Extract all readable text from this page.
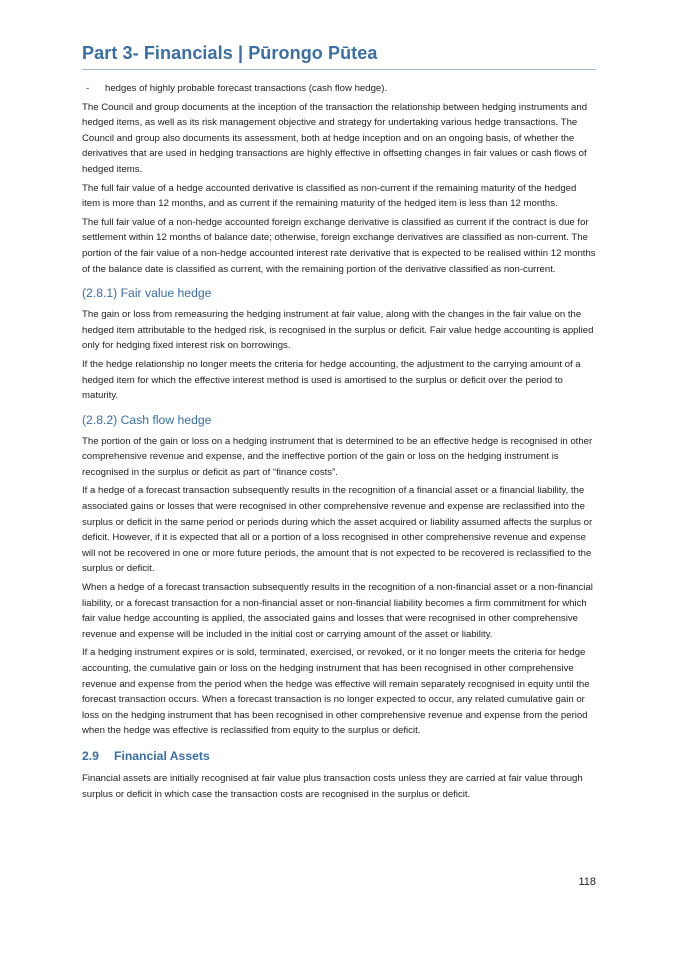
Part 3- Financials | Pūrongo Pūtea
-	hedges of highly probable forecast transactions (cash flow hedge).

The Council and group documents at the inception of the transaction the relationship between hedging instruments and hedged items, as well as its risk management objective and strategy for undertaking various hedge transactions. The Council and group also documents its assessment, both at hedge inception and on an ongoing basis, of whether the derivatives that are used in hedging transactions are highly effective in offsetting changes in fair values or cash flows of hedged items.

The full fair value of a hedge accounted derivative is classified as non-current if the remaining maturity of the hedged item is more than 12 months, and as current if the remaining maturity of the hedged item is less than 12 months.

The full fair value of a non-hedge accounted foreign exchange derivative is classified as current if the contract is due for settlement within 12 months of balance date; otherwise, foreign exchange derivatives are classified as non-current. The portion of the fair value of a non-hedge accounted interest rate derivative that is expected to be realised within 12 months of the balance date is classified as current, with the remaining portion of the derivative classified as non-current.

(2.8.1) Fair value hedge

The gain or loss from remeasuring the hedging instrument at fair value, along with the changes in the fair value on the hedged item attributable to the hedged risk, is recognised in the surplus or deficit. Fair value hedge accounting is applied only for hedging fixed interest risk on borrowings.

If the hedge relationship no longer meets the criteria for hedge accounting, the adjustment to the carrying amount of a hedged item for which the effective interest method is used is amortised to the surplus or deficit over the period to maturity.

(2.8.2) Cash flow hedge

The portion of the gain or loss on a hedging instrument that is determined to be an effective hedge is recognised in other comprehensive revenue and expense, and the ineffective portion of the gain or loss on the hedging instrument is recognised in the surplus or deficit as part of “finance costs”.

If a hedge of a forecast transaction subsequently results in the recognition of a financial asset or a financial liability, the associated gains or losses that were recognised in other comprehensive revenue and expense are reclassified into the surplus or deficit in the same period or periods during which the asset acquired or liability assumed affects the surplus or deficit. However, if it is expected that all or a portion of a loss recognised in other comprehensive revenue and expense will not be recovered in one or more future periods, the amount that is not expected to be recovered is reclassified to the surplus or deficit.

When a hedge of a forecast transaction subsequently results in the recognition of a non-financial asset or a non-financial liability, or a forecast transaction for a non-financial asset or non-financial liability becomes a firm commitment for which fair value hedge accounting is applied, the associated gains and losses that were recognised in other comprehensive revenue and expense will be included in the initial cost or carrying amount of the asset or liability.

If a hedging instrument expires or is sold, terminated, exercised, or revoked, or it no longer meets the criteria for hedge accounting, the cumulative gain or loss on the hedging instrument that has been recognised in other comprehensive revenue and expense from the period when the hedge was effective will remain separately recognised in equity until the forecast transaction occurs. When a forecast transaction is no longer expected to occur, any related cumulative gain or loss on the hedging instrument that has been recognised in other comprehensive revenue and expense from the period when the hedge was effective is reclassified from equity to the surplus or deficit.

2.9 Financial Assets

Financial assets are initially recognised at fair value plus transaction costs unless they are carried at fair value through surplus or deficit in which case the transaction costs are recognised in the surplus or deficit.

118
